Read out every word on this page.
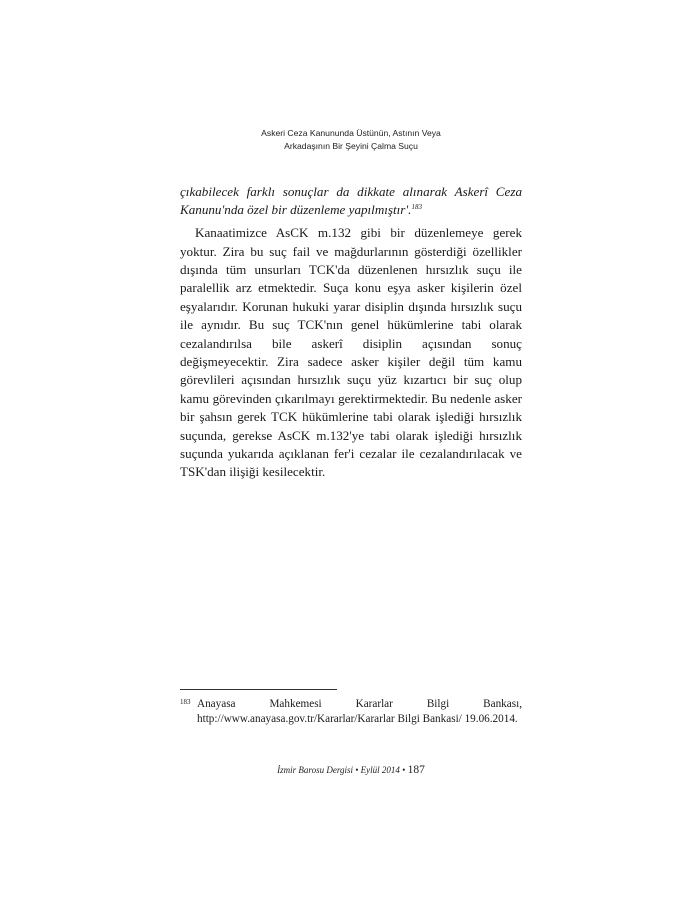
Askeri Ceza Kanununda Üstünün, Astının Veya
Arkadaşının Bir Şeyini Çalma Suçu

çıkabilecek farklı sonuçlar da dikkate alınarak Askerî Ceza Kanunu'nda özel bir düzenleme yapılmıştır'.$^{183}$

Kanaatimizce AsCK m.132 gibi bir düzenlemeye gerek yoktur. Zira bu suç fail ve mağdurlarının gösterdiği özellikler dışında tüm unsurları TCK'da düzenlenen hırsızlık suçu ile paralellik arz etmektedir. Suça konu eşya asker kişilerin özel eşyalarıdır. Korunan hukuki yarar disiplin dışında hırsızlık suçu ile aynıdır. Bu suç TCK'nın genel hükümlerine tabi olarak cezalandırılsa bile askerî disiplin açısından sonuç değişmeyecektir. Zira sadece asker kişiler değil tüm kamu görevlileri açısından hırsızlık suçu yüz kızartıcı bir suç olup kamu görevinden çıkarılmayı gerektirmektedir. Bu nedenle asker bir şahsın gerek TCK hükümlerine tabi olarak işlediği hırsızlık suçunda, gerekse AsCK m.132'ye tabi olarak işlediği hırsızlık suçunda yukarıda açıklanan fer'i cezalar ile cezalandırılacak ve TSK'dan ilişiği kesilecektir.

183 Anayasa Mahkemesi Kararlar Bilgi Bankası, http://www.anayasa.gov.tr/Kararlar/Kararlar Bilgi Bankasi/ 19.06.2014.
İzmir Barosu Dergisi • Eylül 2014 • 187
